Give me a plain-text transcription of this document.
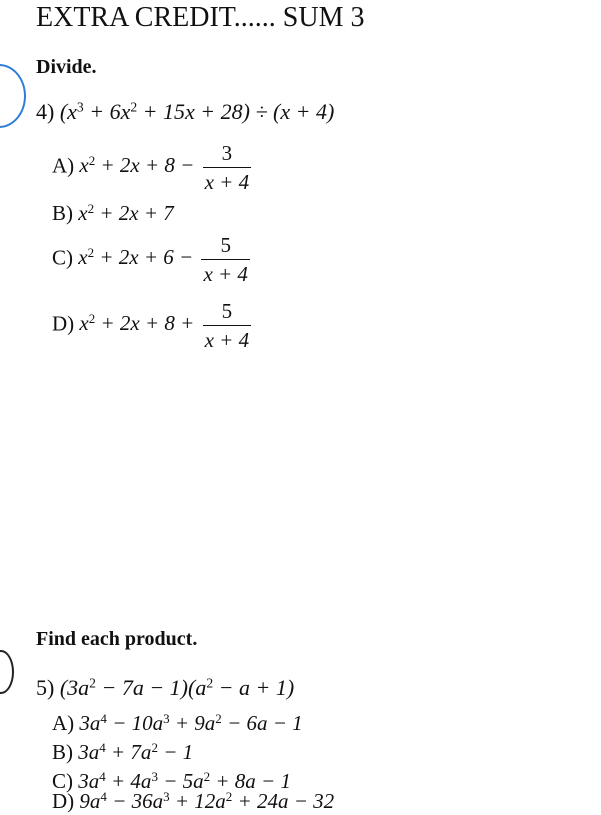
EXTRA CREDIT...... SUM 3
Divide.
4) $(x^3 + 6x^2 + 15x + 28) \div (x + 4)$
A) $x^2 + 2x + 8 - \frac{3}{x + 4}$
B) $x^2 + 2x + 7$
C) $x^2 + 2x + 6 - \frac{5}{x + 4}$
D) $x^2 + 2x + 8 + \frac{5}{x + 4}$
Find each product.
5) $(3a^2 - 7a - 1)(a^2 - a + 1)$
A) $3a^4 - 10a^3 + 9a^2 - 6a - 1$
B) $3a^4 + 7a^2 - 1$
C) $3a^4 + 4a^3 - 5a^2 + 8a - 1$
D) $9a^4 - 36a^3 + 12a^2 + 24a - 32$
